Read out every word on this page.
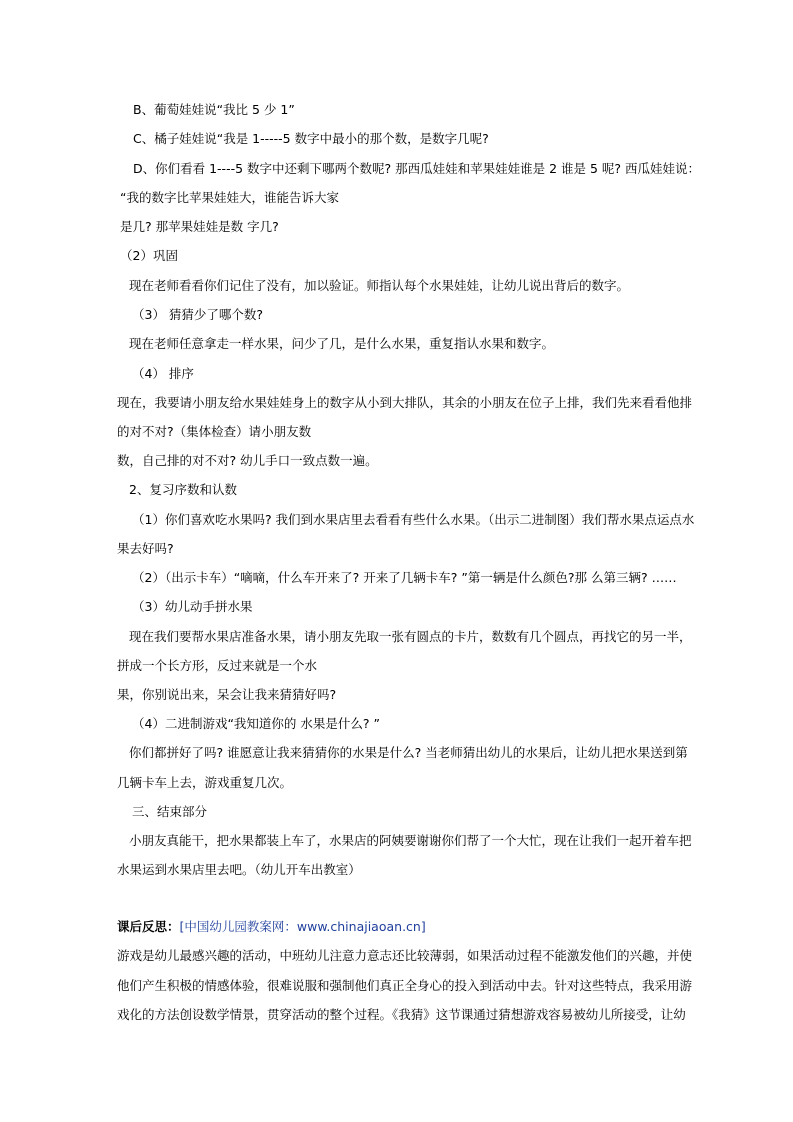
B、葡萄娃娃说“我比 5 少 1”
C、橘子娃娃说“我是 1-----5 数字中最小的那个数，是数字几呢?
D、你们看看 1----5 数字中还剩下哪两个数呢? 那西瓜娃娃和苹果娃娃谁是 2 谁是 5 呢? 西瓜娃娃说：
“我的数字比苹果娃娃大，谁能告诉大家
是几? 那苹果娃娃是数 字几?
（2）巩固
现在老师看看你们记住了没有，加以验证。师指认每个水果娃娃，让幼儿说出背后的数字。
（3） 猜猜少了哪个数?
现在老师任意拿走一样水果，问少了几，是什么水果，重复指认水果和数字。
（4） 排序
现在，我要请小朋友给水果娃娃身上的数字从小到大排队，其余的小朋友在位子上排，我们先来看看他排
的对不对?（集体检查）请小朋友数
数，自己排的对不对? 幼儿手口一致点数一遍。
2、复习序数和认数
（1）你们喜欢吃水果吗? 我们到水果店里去看看有些什么水果。（出示二进制图）我们帮水果点运点水
果去好吗?
（2）（出示卡车）“嘀嘀，什么车开来了? 开来了几辆卡车? ”第一辆是什么颜色?那 么第三辆? ……
（3）幼儿动手拼水果
现在我们要帮水果店准备水果，请小朋友先取一张有圆点的卡片，数数有几个圆点，再找它的另一半，
拼成一个长方形，反过来就是一个水
果，你别说出来，呆会让我来猜猜好吗?
（4）二进制游戏“我知道你的 水果是什么? ”
你们都拼好了吗? 谁愿意让我来猜猜你的水果是什么? 当老师猜出幼儿的水果后，让幼儿把水果送到第
几辆卡车上去，游戏重复几次。
三、结束部分
小朋友真能干，把水果都装上车了，水果店的阿姨要谢谢你们帮了一个大忙，现在让我们一起开着车把
水果运到水果店里去吧。（幼儿开车出教室）
课后反思：[中国幼儿园教案网：www.chinajiaoan.cn]
游戏是幼儿最感兴趣的活动，中班幼儿注意力意志还比较薄弱，如果活动过程不能激发他们的兴趣，并使
他们产生积极的情感体验，很难说服和强制他们真正全身心的投入到活动中去。针对这些特点，我采用游
戏化的方法创设数学情景，贯穿活动的整个过程。《我猜》这节课通过猜想游戏容易被幼儿所接受，让幼
